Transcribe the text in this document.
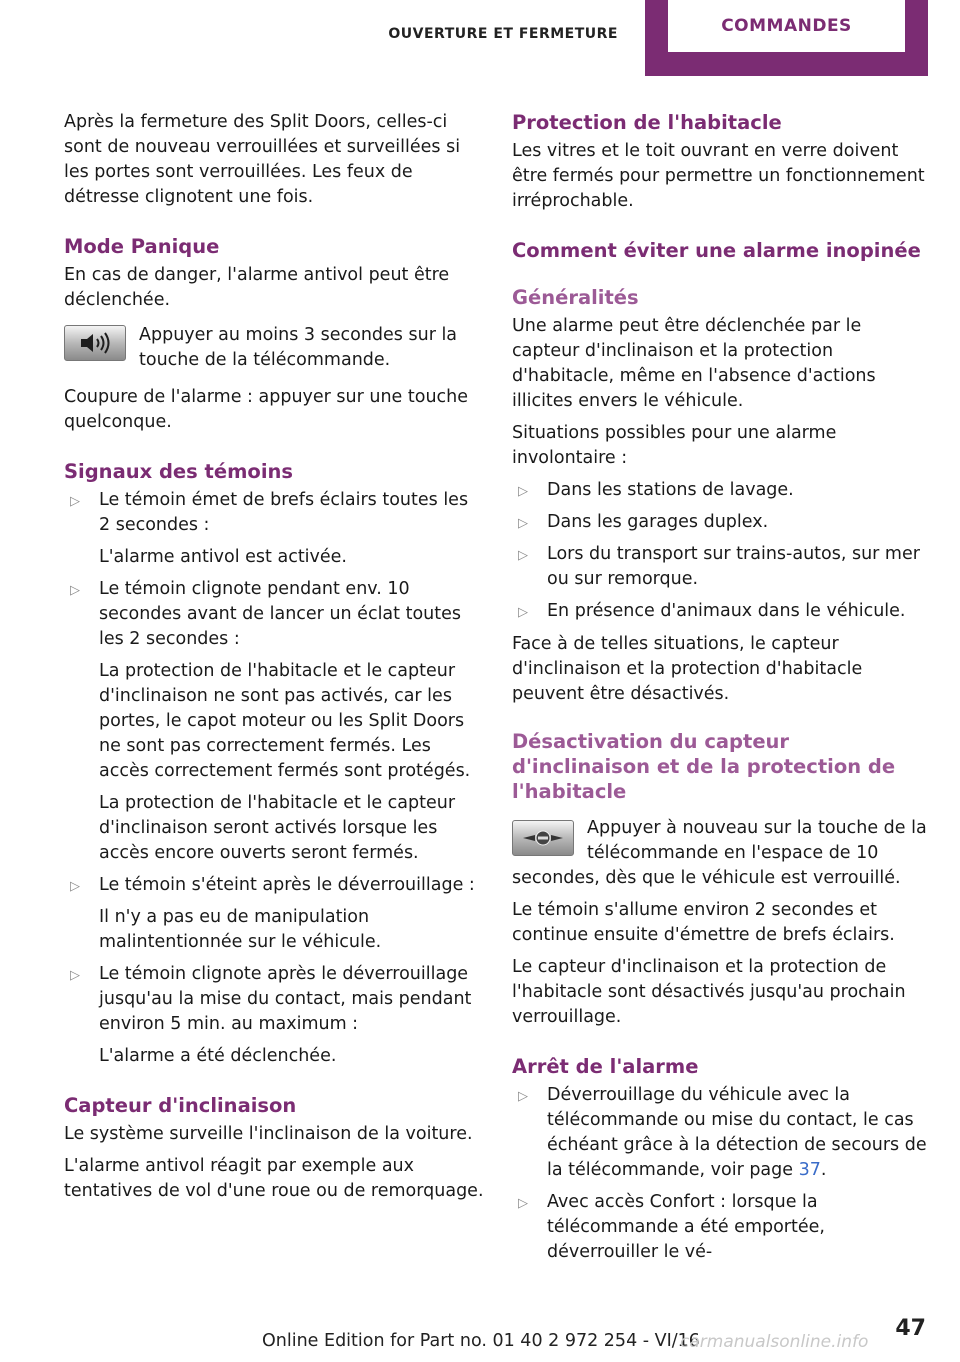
OUVERTURE ET FERMETURE	COMMANDES

Après la fermeture des Split Doors, celles-ci sont de nouveau verrouillées et surveillées si les portes sont verrouillées. Les feux de détresse clignotent une fois.

Mode Panique

En cas de danger, l'alarme antivol peut être déclenchée.

Appuyer au moins 3 secondes sur la touche de la télécommande.

Coupure de l'alarme : appuyer sur une touche quelconque.

Signaux des témoins
▷ Le témoin émet de brefs éclairs toutes les 2 secondes :

L'alarme antivol est activée.

▷ Le témoin clignote pendant env. 10 secondes avant de lancer un éclat toutes les 2 secondes :

La protection de l'habitacle et le capteur d'inclinaison ne sont pas activés, car les portes, le capot moteur ou les Split Doors ne sont pas correctement fermés. Les accès correctement fermés sont protégés.

La protection de l'habitacle et le capteur d'inclinaison seront activés lorsque les accès encore ouverts seront fermés.

▷ Le témoin s'éteint après le déverrouillage :

Il n'y a pas eu de manipulation malintentionnée sur le véhicule.

▷ Le témoin clignote après le déverrouillage jusqu'au la mise du contact, mais pendant environ 5 min. au maximum :

L'alarme a été déclenchée.

Capteur d'inclinaison

Le système surveille l'inclinaison de la voiture.

L'alarme antivol réagit par exemple aux tentatives de vol d'une roue ou de remorquage.

Protection de l'habitacle

Les vitres et le toit ouvrant en verre doivent être fermés pour permettre un fonctionnement irréprochable.

Comment éviter une alarme inopinée
Généralités

Une alarme peut être déclenchée par le capteur d'inclinaison et la protection d'habitacle, même en l'absence d'actions illicites envers le véhicule.

Situations possibles pour une alarme involontaire :

▷ Dans les stations de lavage.
▷ Dans les garages duplex.
▷ Lors du transport sur trains-autos, sur mer ou sur remorque.
▷ En présence d'animaux dans le véhicule.

Face à de telles situations, le capteur d'inclinaison et la protection d'habitacle peuvent être désactivés.

Désactivation du capteur d'inclinaison et de la protection de l'habitacle
Appuyer à nouveau sur la touche de la télécommande en l'espace de 10 secondes, dès que le véhicule est verrouillé.

Le témoin s'allume environ 2 secondes et continue ensuite d'émettre de brefs éclairs.

Le capteur d'inclinaison et la protection de l'habitacle sont désactivés jusqu'au prochain verrouillage.

Arrêt de l'alarme
▷ Déverrouillage du véhicule avec la télécommande ou mise du contact, le cas échéant grâce à la détection de secours de la télécommande, voir page 37.
▷ Avec accès Confort : lorsque la télécommande a été emportée, déverrouiller le vé-
Online Edition for Part no. 01 40 2 972 254 - VI/16	47
carmanualsonline.info
